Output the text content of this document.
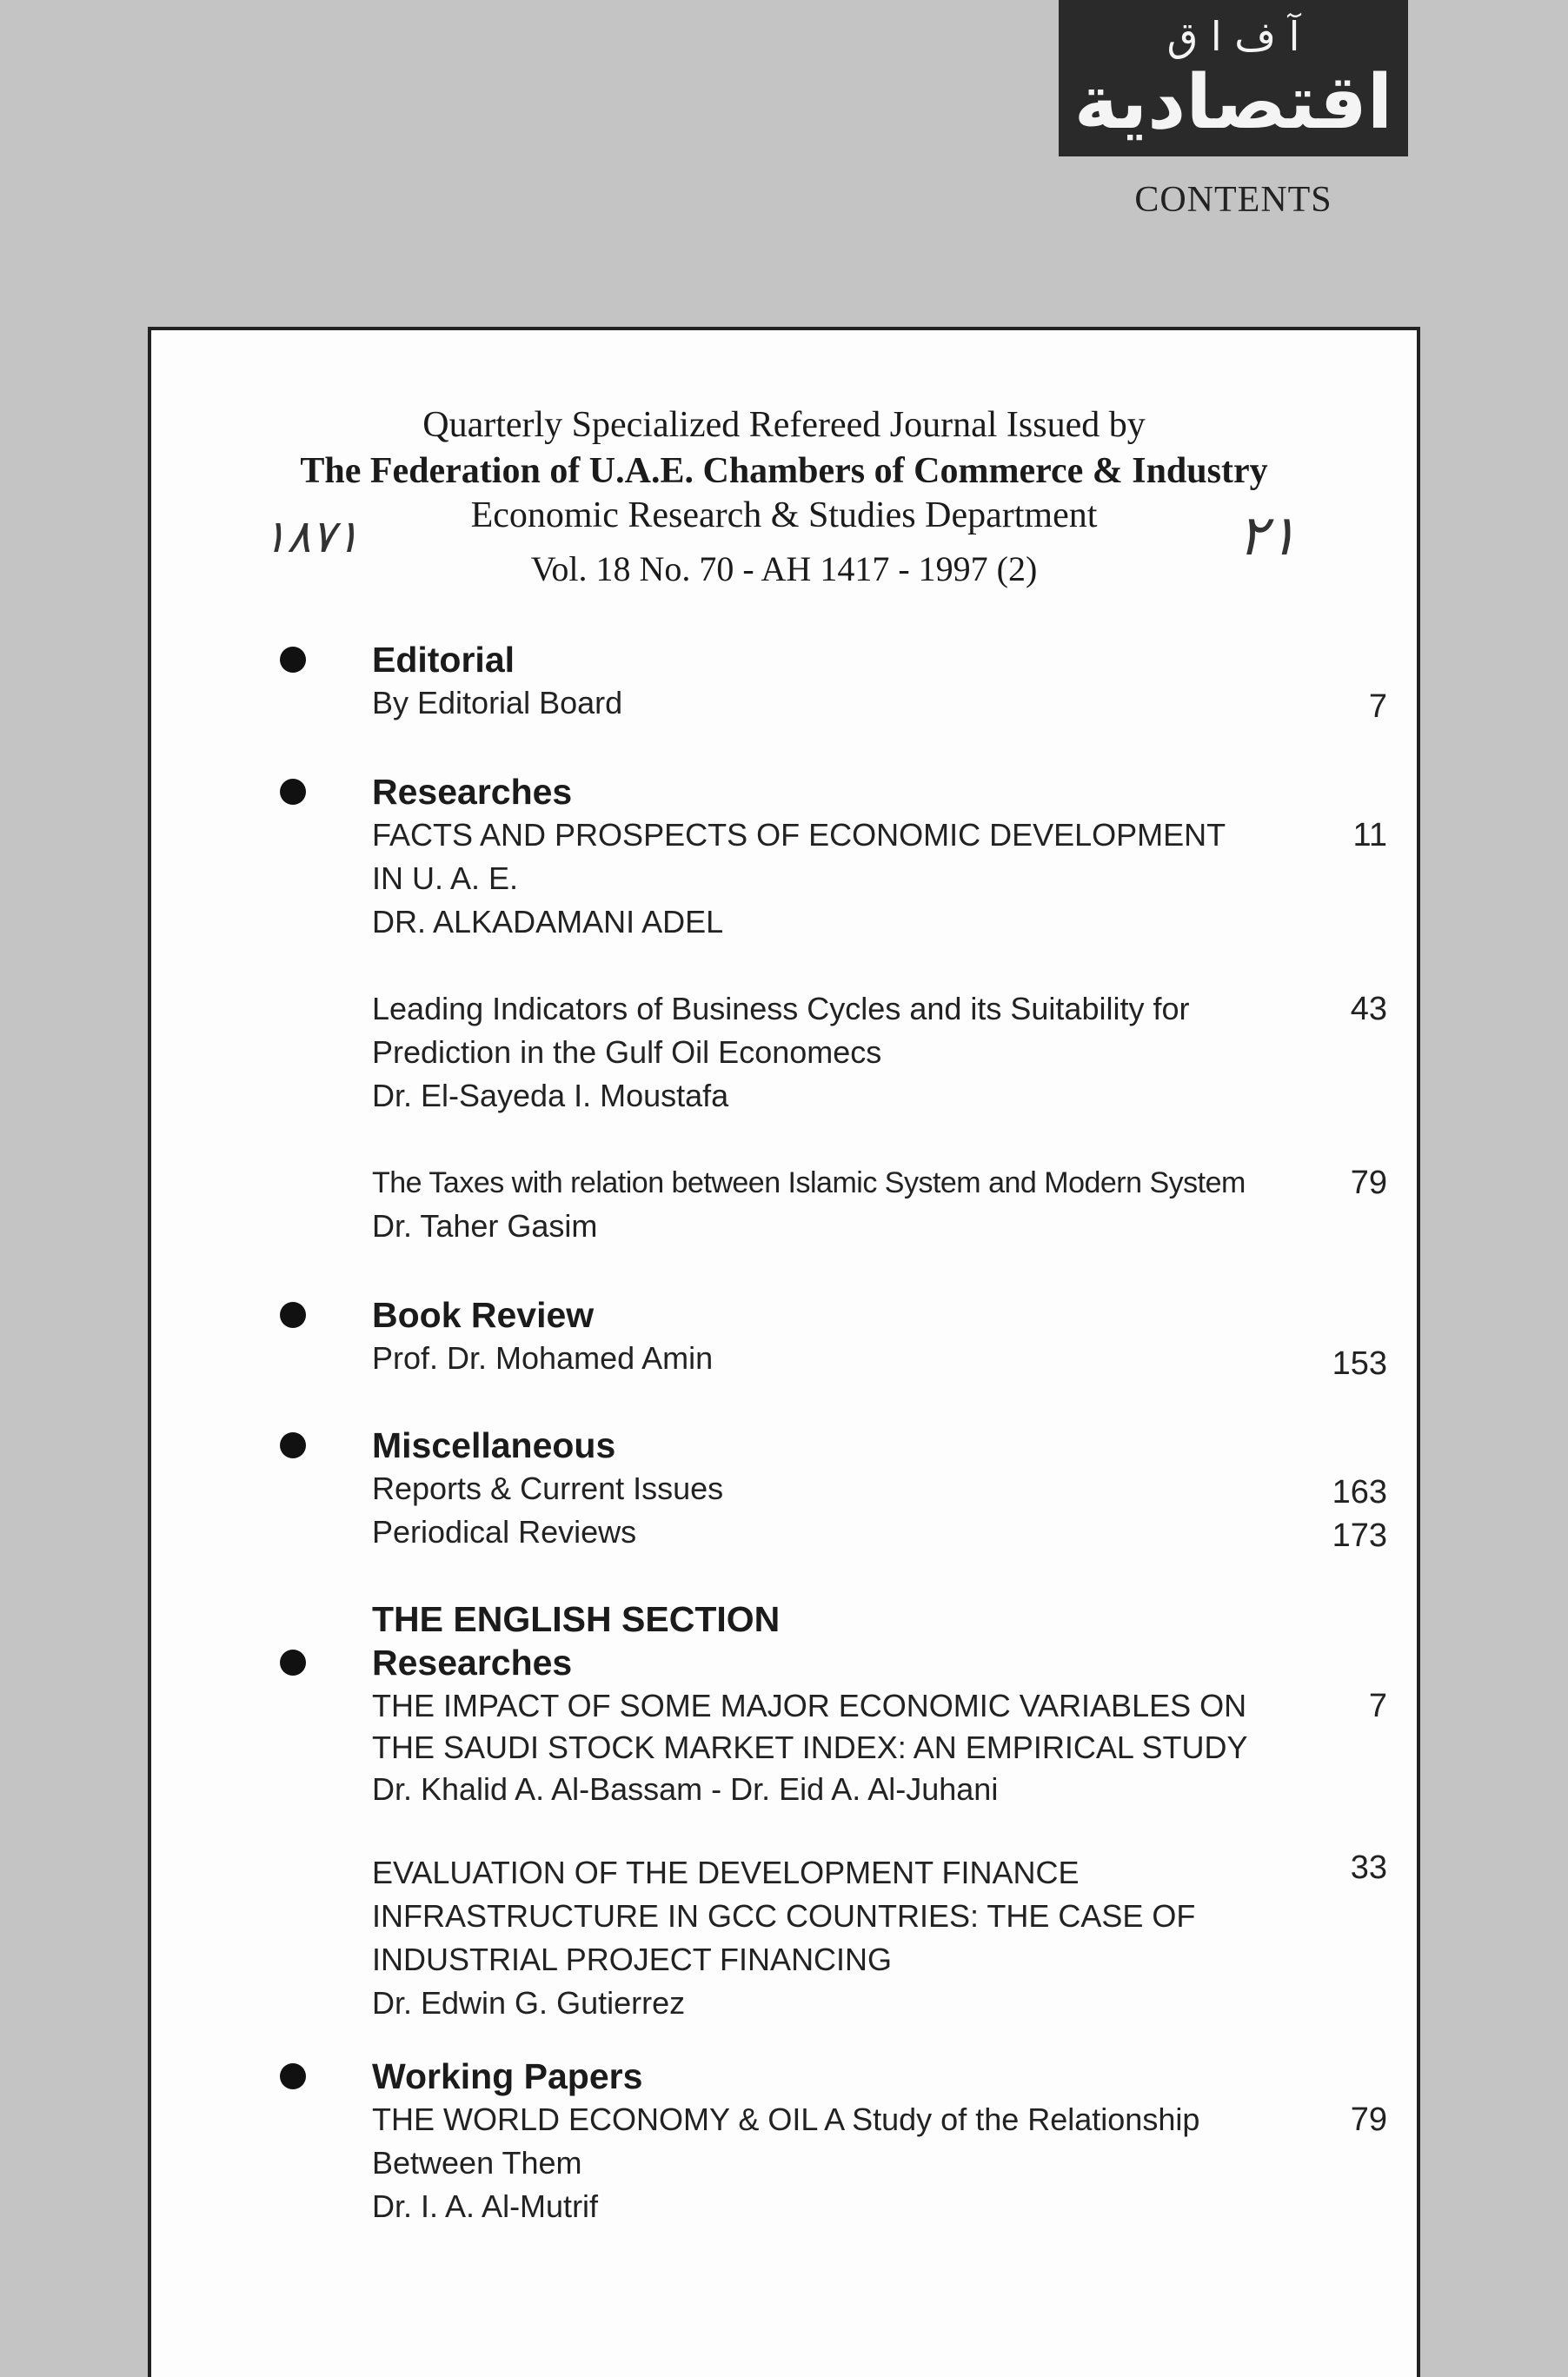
آ ف ا ق
اقتصادية
CONTENTS
Quarterly Specialized Refereed Journal Issued by
The Federation of U.A.E. Chambers of Commerce & Industry
Economic Research & Studies Department
Vol. 18 No. 70 - AH 1417 - 1997 (2)
١٨٧١	٢١
Editorial
By Editorial Board	7
Researches
FACTS AND PROSPECTS OF ECONOMIC DEVELOPMENT	11
IN U. A. E.
DR. ALKADAMANI ADEL
Leading Indicators of Business Cycles and its Suitability for	43
Prediction in the Gulf Oil Economecs
Dr. El-Sayeda I. Moustafa
The Taxes with relation between Islamic System and Modern System	79
Dr. Taher Gasim
Book Review
Prof. Dr. Mohamed Amin	153
Miscellaneous
Reports & Current Issues	163
Periodical Reviews	173
THE ENGLISH SECTION
Researches
THE IMPACT OF SOME MAJOR ECONOMIC VARIABLES ON	7
THE SAUDI STOCK MARKET INDEX: AN EMPIRICAL STUDY
Dr. Khalid A. Al-Bassam - Dr. Eid A. Al-Juhani
EVALUATION OF THE DEVELOPMENT FINANCE	33
INFRASTRUCTURE IN GCC COUNTRIES: THE CASE OF
INDUSTRIAL PROJECT FINANCING
Dr. Edwin G. Gutierrez
Working Papers
THE WORLD ECONOMY & OIL A Study of the Relationship	79
Between Them
Dr. I. A. Al-Mutrif
